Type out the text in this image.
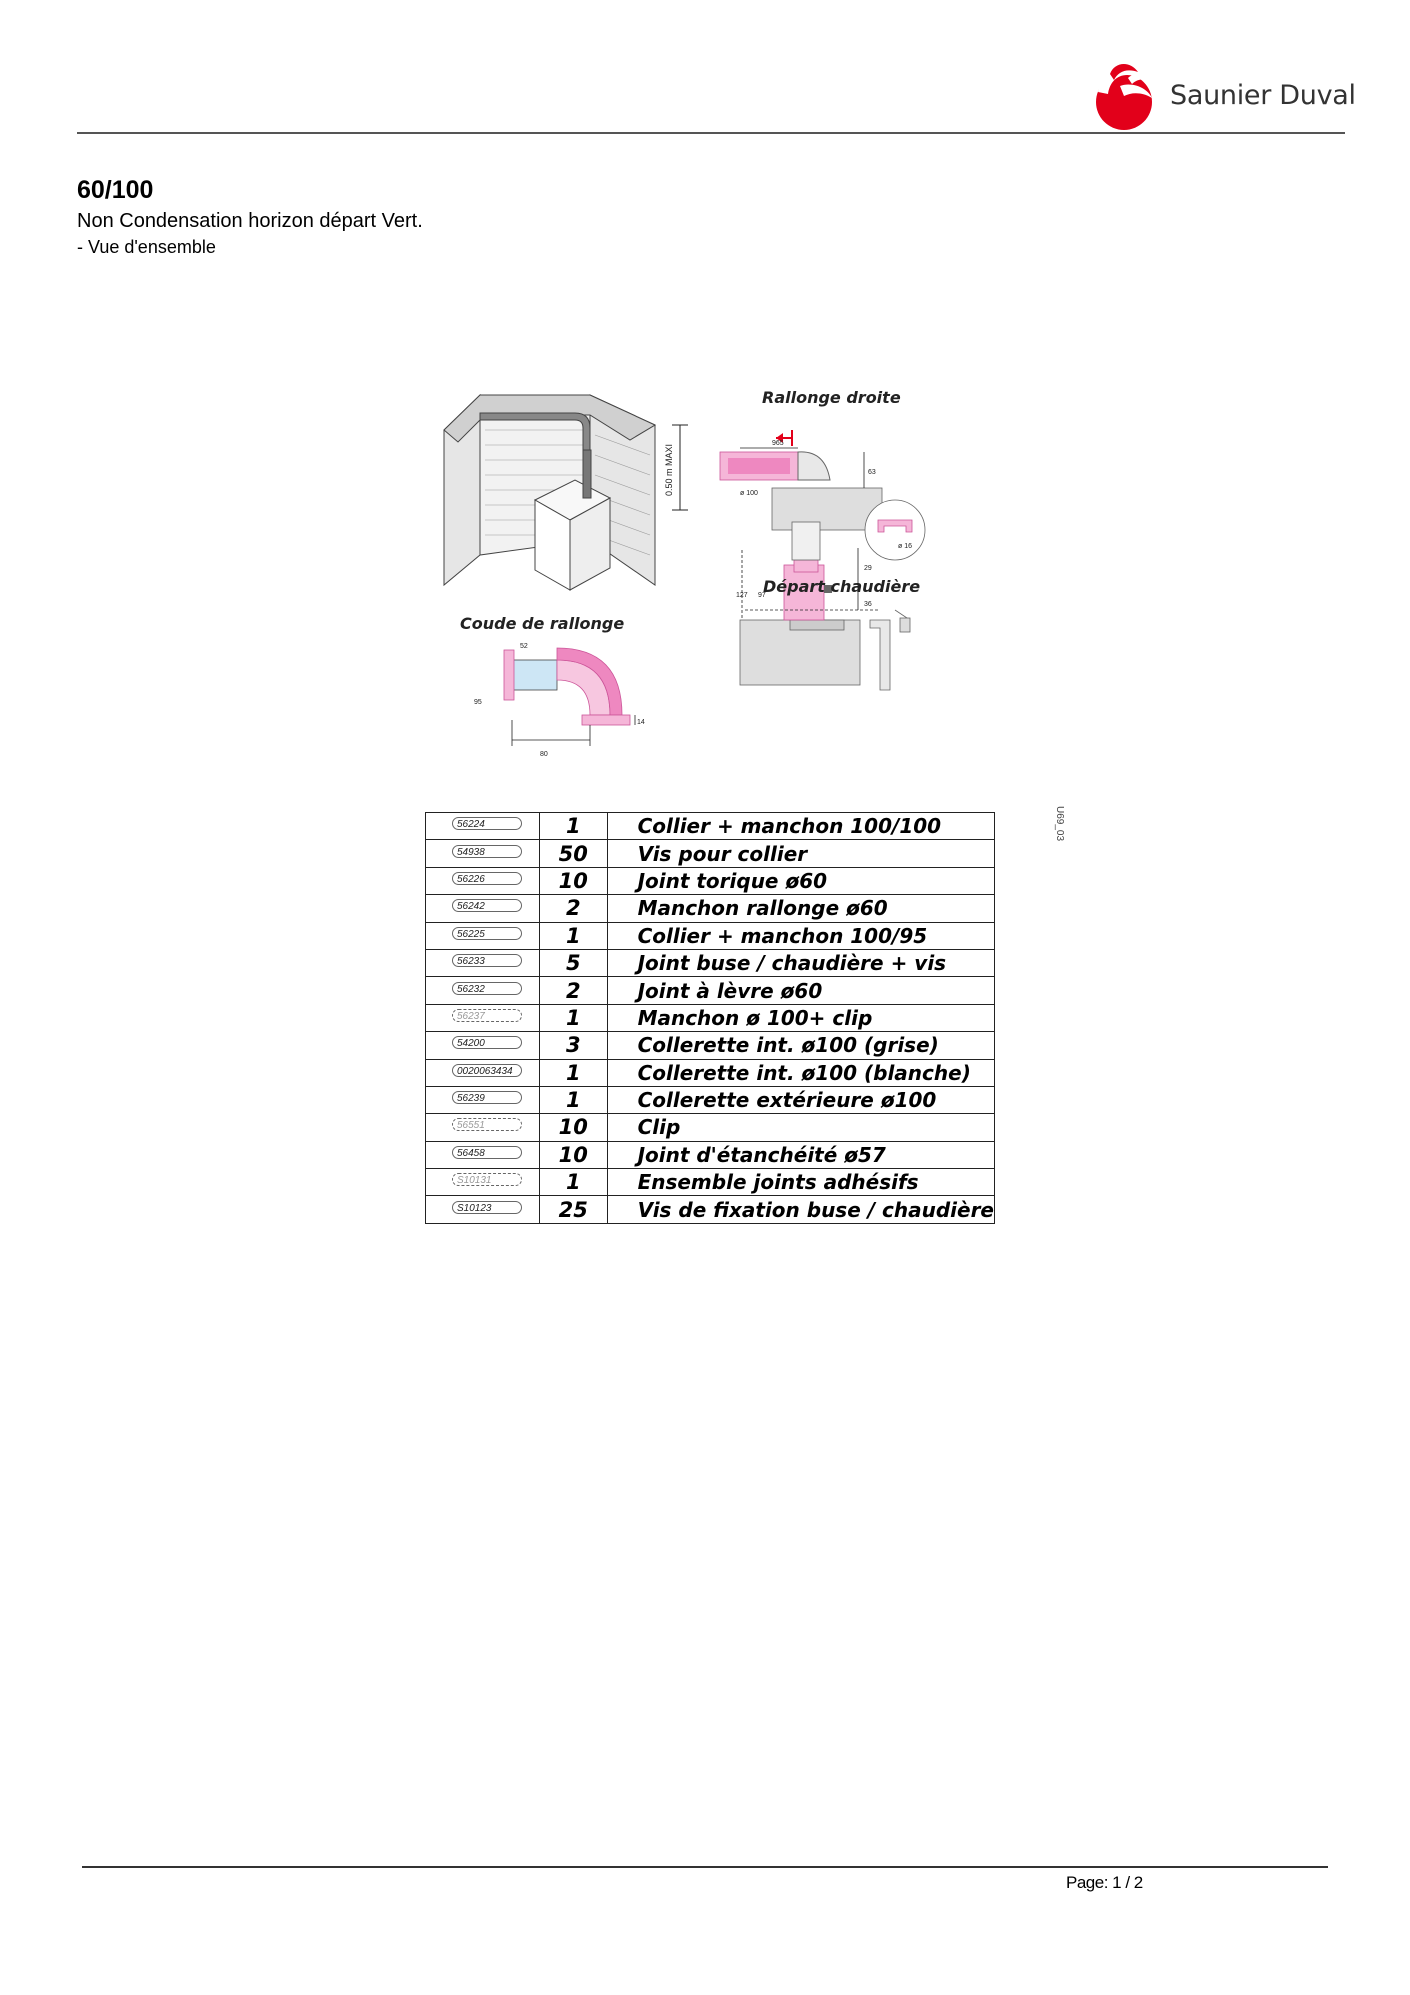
Saunier Duval
60/100
Non Condensation horizon départ Vert.
- Vue d'ensemble
0.50 m MAXI
965
ø 100
63
ø 16
29
36
127 97
80
95
52
14
Rallonge droite
Départ chaudière
Coude de rallonge
U69_03
56224	1	Collier + manchon 100/100
54938	50	Vis pour collier
56226	10	Joint torique ø60
56242	2	Manchon rallonge ø60
56225	1	Collier + manchon 100/95
56233	5	Joint buse / chaudière + vis
56232	2	Joint à lèvre ø60
56237	1	Manchon ø 100+ clip
54200	3	Collerette int. ø100 (grise)
0020063434	1	Collerette int. ø100 (blanche)
56239	1	Collerette extérieure ø100
56551	10	Clip
56458	10	Joint d'étanchéité ø57
S10131	1	Ensemble joints adhésifs
S10123	25	Vis de fixation buse / chaudière
Page: 1 / 2
